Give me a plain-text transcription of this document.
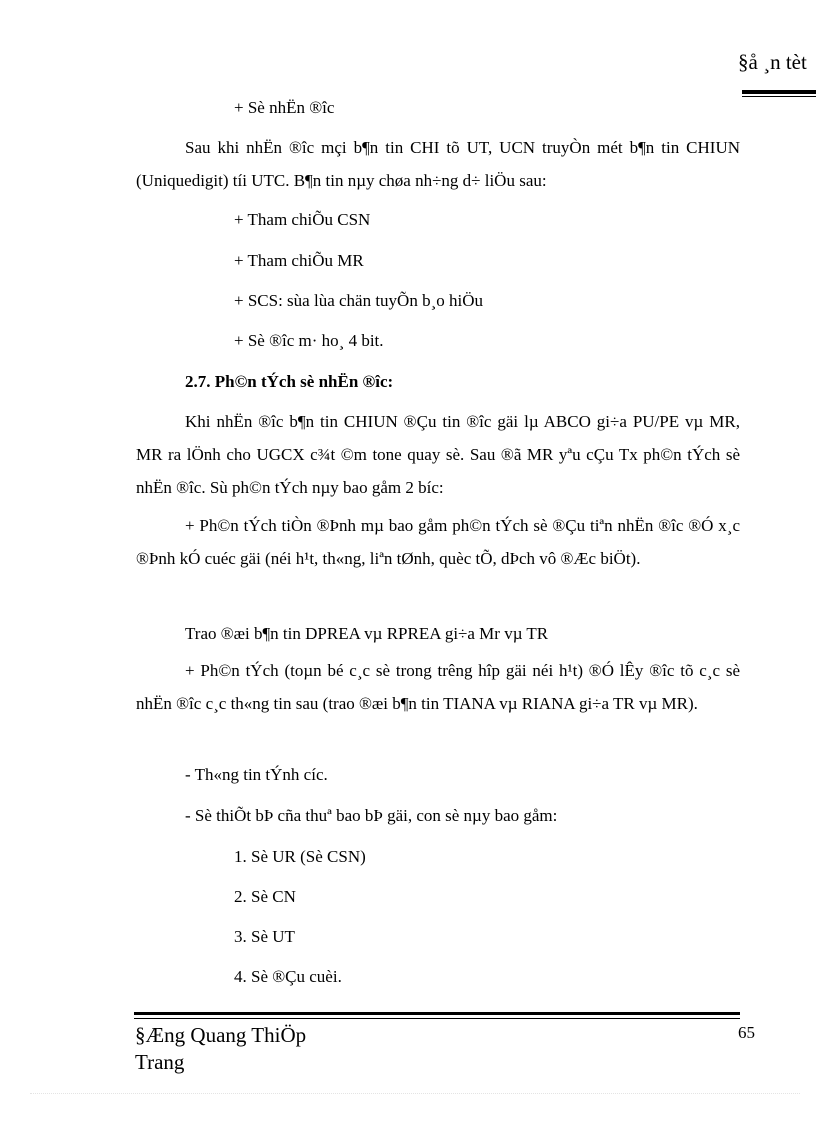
§å ¸n tèt
+ Sè nhËn ®îc
Sau khi nhËn ®îc mçi b¶n tin CHI tõ UT, UCN truyÒn mét b¶n tin CHIUN (Uniquedigit) tíi UTC. B¶n tin nµy chøa nh÷ng d÷ liÖu sau:
+ Tham chiÕu CSN
+ Tham chiÕu MR
+ SCS: sùa lùa chän tuyÕn b¸o hiÖu
+ Sè ®îc m· ho¸ 4 bit.
2.7. Ph©n tÝch sè nhËn ®îc:
Khi nhËn ®îc b¶n tin CHIUN ®Çu tin ®îc gäi lµ ABCO gi÷a PU/PE vµ MR, MR ra lÖnh cho UGCX c¾t ©m tone quay sè. Sau ®ã MR yªu cÇu Tx ph©n tÝch sè nhËn ®îc. Sù ph©n tÝch nµy bao gåm 2 bíc:
+ Ph©n tÝch tiÒn ®Þnh mµ bao gåm ph©n tÝch sè ®Çu tiªn nhËn ®îc ®Ó x¸c ®Þnh kÓ cuéc gäi (néi h¹t, th«ng, liªn tØnh, quèc tÕ, dÞch vô ®Æc biÖt).
Trao ®æi b¶n tin DPREA vµ RPREA gi÷a Mr vµ TR
+ Ph©n tÝch (toµn bé c¸c sè trong trêng hîp gäi néi h¹t) ®Ó lÊy ®îc tõ c¸c sè nhËn ®îc c¸c th«ng tin sau (trao ®æi b¶n tin TIANA vµ RIANA gi÷a TR vµ MR).
- Th«ng tin tÝnh cíc.
- Sè thiÕt bÞ cña thuª bao bÞ gäi, con sè nµy bao gåm:
1. Sè UR (Sè CSN)
2. Sè CN
3. Sè UT
4. Sè ®Çu cuèi.
§Æng Quang ThiÖp
Trang
65
